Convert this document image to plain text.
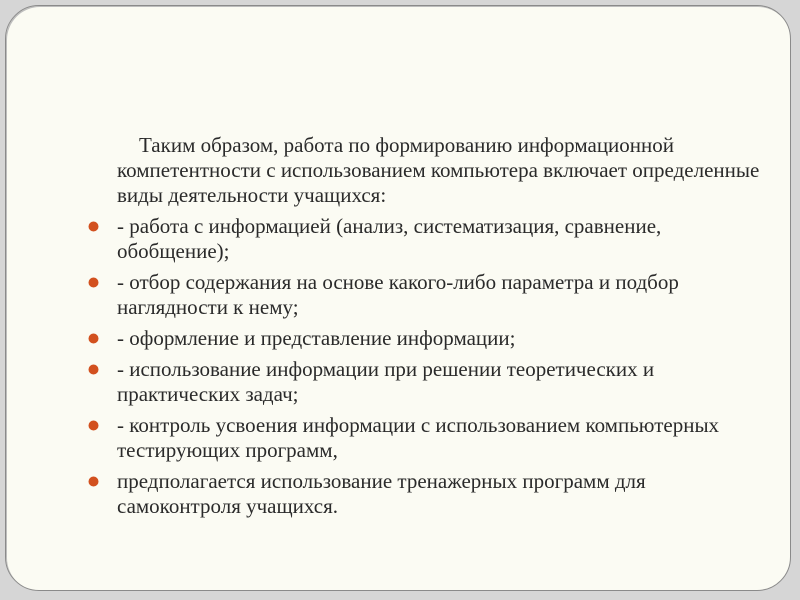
Таким образом, работа по формированию информационной компетентности с использованием компьютера включает определенные виды деятельности учащихся:

- работа с информацией (анализ, систематизация, сравнение, обобщение);
- отбор содержания на основе какого-либо параметра и подбор наглядности к нему;
- оформление и представление информации;
- использование информации при решении теоретических и практических задач;
- контроль усвоения информации с использованием компьютерных тестирующих программ,
предполагается использование тренажерных программ для самоконтроля учащихся.
